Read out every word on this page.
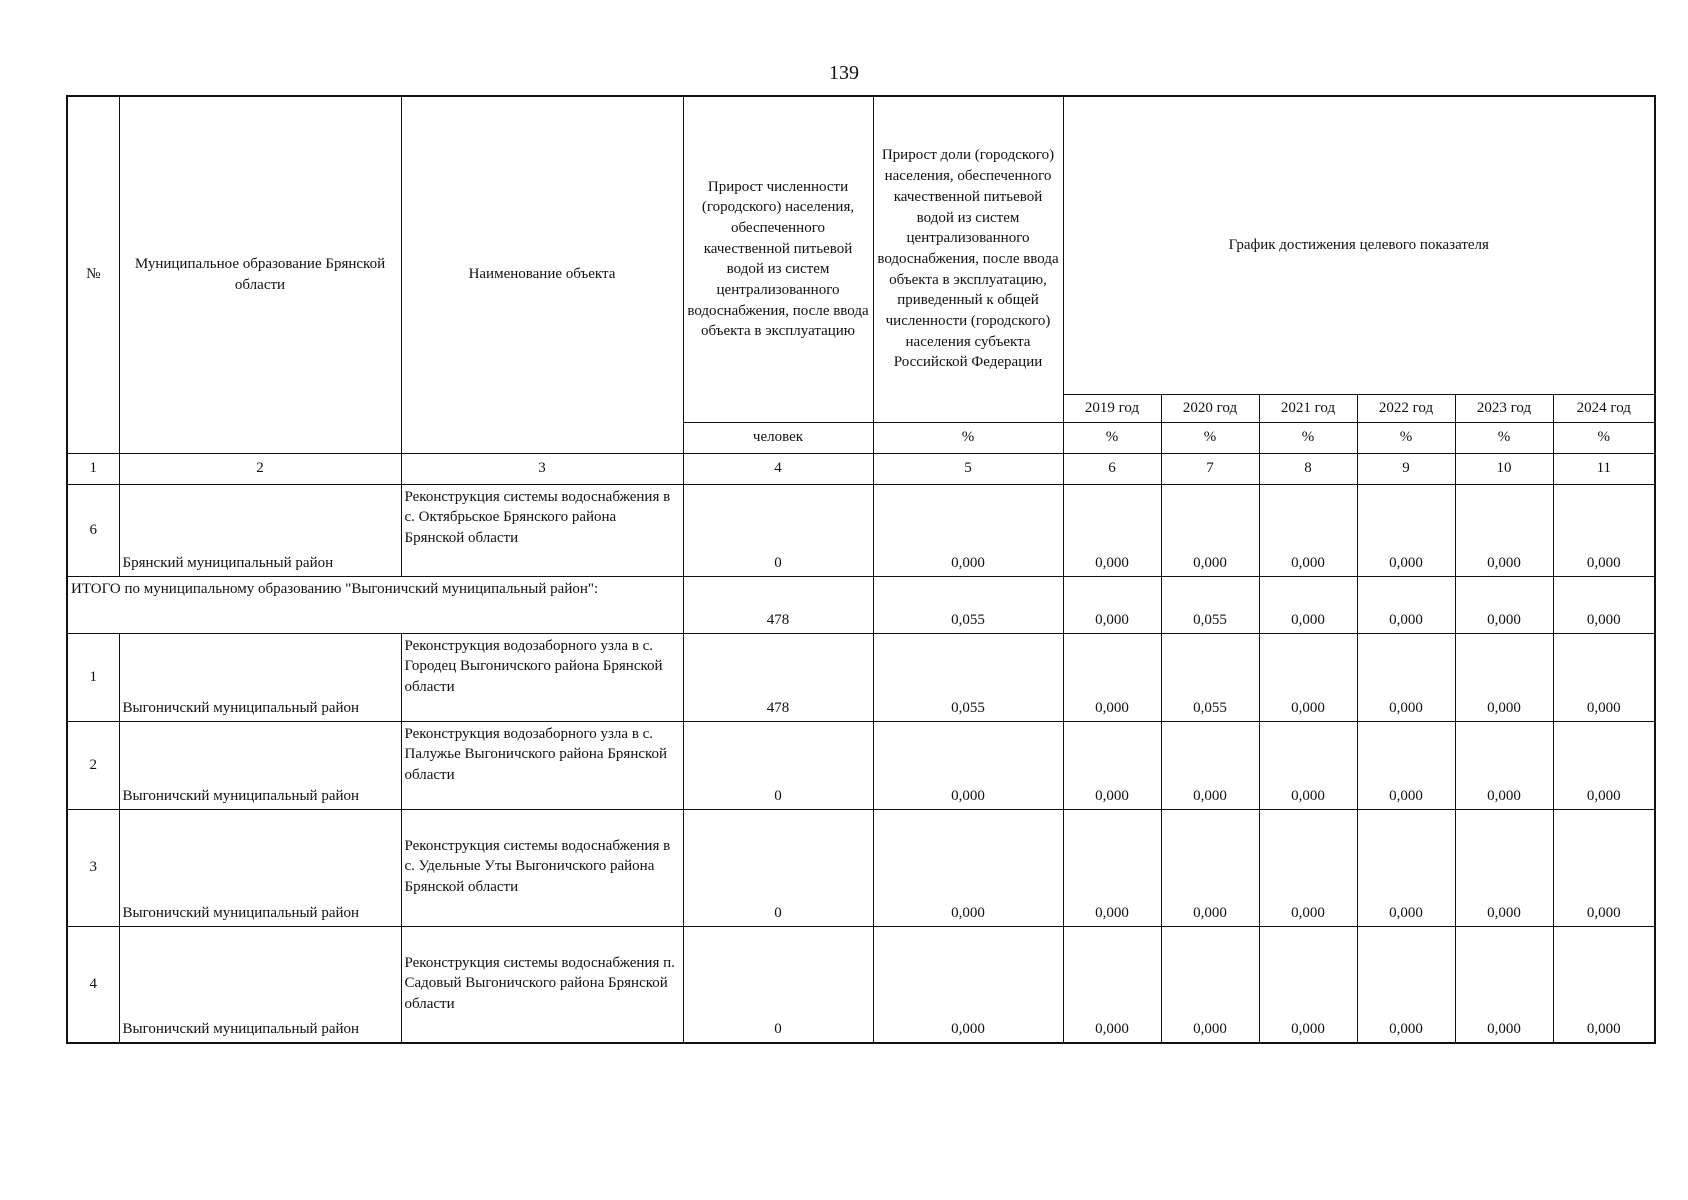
139
№	Муниципальное образование Брянской области	Наименование объекта	Прирост численности (городского) населения, обеспеченного качественной питьевой водой из систем централизованного водоснабжения, после ввода объекта в эксплуатацию	Прирост доли (городского) населения, обеспеченного качественной питьевой водой из систем централизованного водоснабжения, после ввода объекта в эксплуатацию, приведенный к общей численности (городского) населения субъекта Российской Федерации	График достижения целевого показателя					
					2019 год	2020 год	2021 год	2022 год	2023 год	2024 год
			человек	%	%	%	%	%	%	%
1	2	3	4	5	6	7	8	9	10	11
6	Брянский муниципальный район	Реконструкция системы водоснабжения в с. Октябрьское Брянского района Брянской области	0	0,000	0,000	0,000	0,000	0,000	0,000	0,000
ИТОГО по муниципальному образованию "Выгоничский муниципальный район":			478	0,055	0,000	0,055	0,000	0,000	0,000	0,000
1	Выгоничский муниципальный район	Реконструкция водозаборного узла в с. Городец Выгоничского района Брянской области	478	0,055	0,000	0,055	0,000	0,000	0,000	0,000
2	Выгоничский муниципальный район	Реконструкция водозаборного узла в с. Палужье Выгоничского района Брянской области	0	0,000	0,000	0,000	0,000	0,000	0,000	0,000
3	Выгоничский муниципальный район	Реконструкция системы водоснабжения в с. Удельные Уты Выгоничского района Брянской области	0	0,000	0,000	0,000	0,000	0,000	0,000	0,000
4	Выгоничский муниципальный район	Реконструкция системы водоснабжения п. Садовый Выгоничского района Брянской области	0	0,000	0,000	0,000	0,000	0,000	0,000	0,000
